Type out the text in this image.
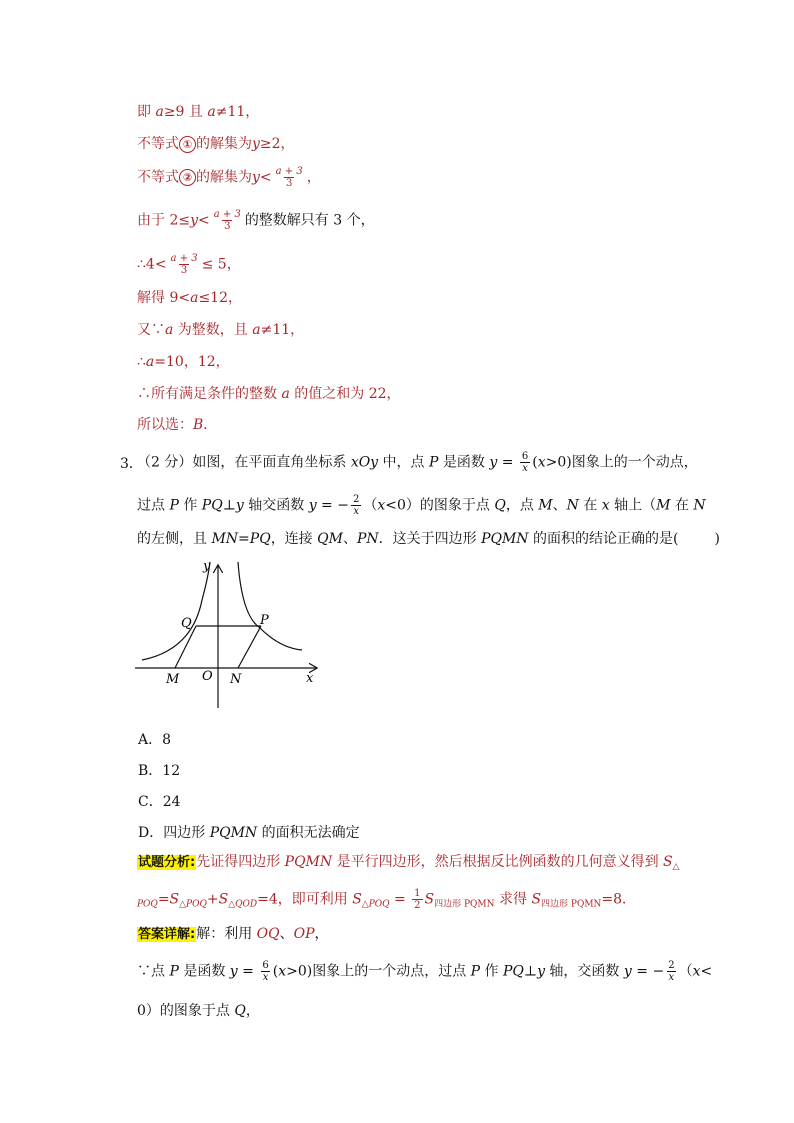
即 a≥9 且 a≠11，
不等式 ① 的解集为y≥2，
不等式 ② 的解集为$y< \frac{a + 3}{3}$ ，
由于 $2\le y< \frac{a + 3}{3}$ 的整数解只有 3 个，
∴4< $\frac{a + 3}{3} \le 5$，
解得 9<a≤12，
又∵a 为整数，且 a≠11，
∴a=10，12，
∴所有满足条件的整数 a 的值之和为 22，
所以选：B．
3．
（2 分）如图，在平面直角坐标系 xOy 中，点 P 是函数 $y = \frac{6}{x} (x>0)$图象上的一个动点，
过点 P 作 PQ⊥y 轴交函数 y = − $\frac{2}{x} (x<0)$的图象于点 Q，点 M、N 在 x 轴上（M 在 N
的左侧，且 MN=PQ，连接 QM、PN．这关于四边形 PQMN 的面积的结论正确的是(	)
y
x
Q	P
M O N
A．8
B．12
C．24
D．四边形 PQMN 的面积无法确定
试题分析:先证得四边形 PQMN 是平行四边形，然后根据反比例函数的几何意义得到 $S_\triangle$
$_{POQ}=S_{\triangle POQ}+S_{\triangle QOD}=4$，即可利用 $S_{\triangle POQ} = \frac{1}{2} S_{四边形 PQMN}$ 求得 $S_{四边形 PQMN}=8$．
答案详解:解：利用 OQ、OP，
∵点 P 是函数 $y = \frac{6}{x} (x>0)$图象上的一个动点，过点 P 作 PQ⊥y 轴，交函数 y = − $\frac{2}{x} (x<$
0）的图象于点 Q，
